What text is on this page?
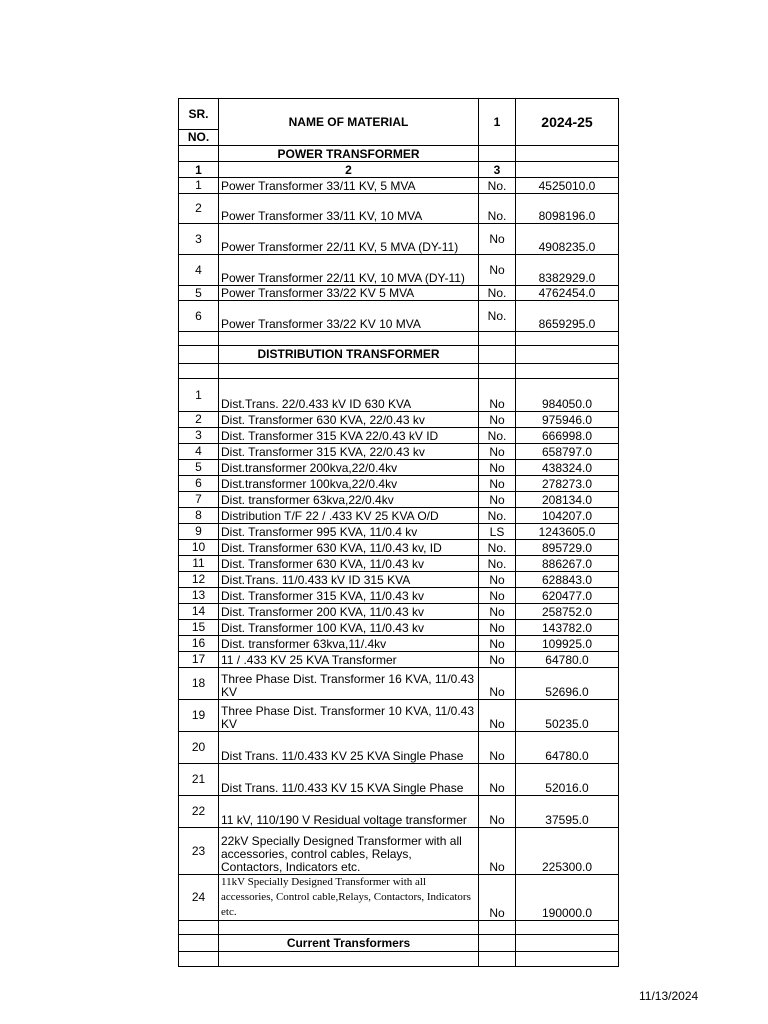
SR.	NAME OF MATERIAL	1	2024-25
NO.			
	POWER TRANSFORMER		
1	2	3	
1	Power Transformer 33/11 KV, 5 MVA	No.	4525010.0
2	Power Transformer 33/11 KV, 10 MVA	No.	8098196.0
3	Power Transformer 22/11 KV, 5 MVA (DY-11)	No	4908235.0
4	Power Transformer 22/11 KV, 10 MVA (DY-11)	No	8382929.0
5	Power Transformer 33/22 KV 5 MVA	No.	4762454.0
6	Power Transformer 33/22 KV 10 MVA	No.	8659295.0

	DISTRIBUTION TRANSFORMER		

1	Dist.Trans. 22/0.433 kV ID 630 KVA	No	984050.0
2	Dist. Transformer 630 KVA, 22/0.43 kv	No	975946.0
3	Dist. Transformer 315 KVA 22/0.43 kV ID	No.	666998.0
4	Dist. Transformer 315 KVA, 22/0.43 kv	No	658797.0
5	Dist.transformer 200kva,22/0.4kv	No	438324.0
6	Dist.transformer 100kva,22/0.4kv	No	278273.0
7	Dist. transformer 63kva,22/0.4kv	No	208134.0
8	Distribution T/F 22 / .433 KV 25 KVA O/D	No.	104207.0
9	Dist. Transformer 995 KVA, 11/0.4 kv	LS	1243605.0
10	Dist. Transformer 630 KVA, 11/0.43 kv, ID	No.	895729.0
11	Dist. Transformer 630 KVA, 11/0.43 kv	No.	886267.0
12	Dist.Trans. 11/0.433 kV ID 315 KVA	No	628843.0
13	Dist. Transformer 315 KVA, 11/0.43 kv	No	620477.0
14	Dist. Transformer 200 KVA, 11/0.43 kv	No	258752.0
15	Dist. Transformer 100 KVA, 11/0.43 kv	No	143782.0
16	Dist. transformer 63kva,11/.4kv	No	109925.0
17	11 / .433 KV 25 KVA Transformer	No	64780.0
18	Three Phase Dist. Transformer 16 KVA, 11/0.43 KV	No	52696.0
19	Three Phase Dist. Transformer 10 KVA, 11/0.43 KV	No	50235.0
20	Dist Trans. 11/0.433 KV 25 KVA Single Phase	No	64780.0
21	Dist Trans. 11/0.433 KV 15 KVA Single Phase	No	52016.0
22	11 kV, 110/190 V Residual voltage transformer	No	37595.0
23	22kV Specially Designed Transformer with all accessories, control cables, Relays, Contactors, Indicators etc.	No	225300.0
24	11kV Specially Designed Transformer with all accessories, Control cable,Relays, Contactors, Indicators etc.	No	190000.0

	Current Transformers		

11/13/2024
